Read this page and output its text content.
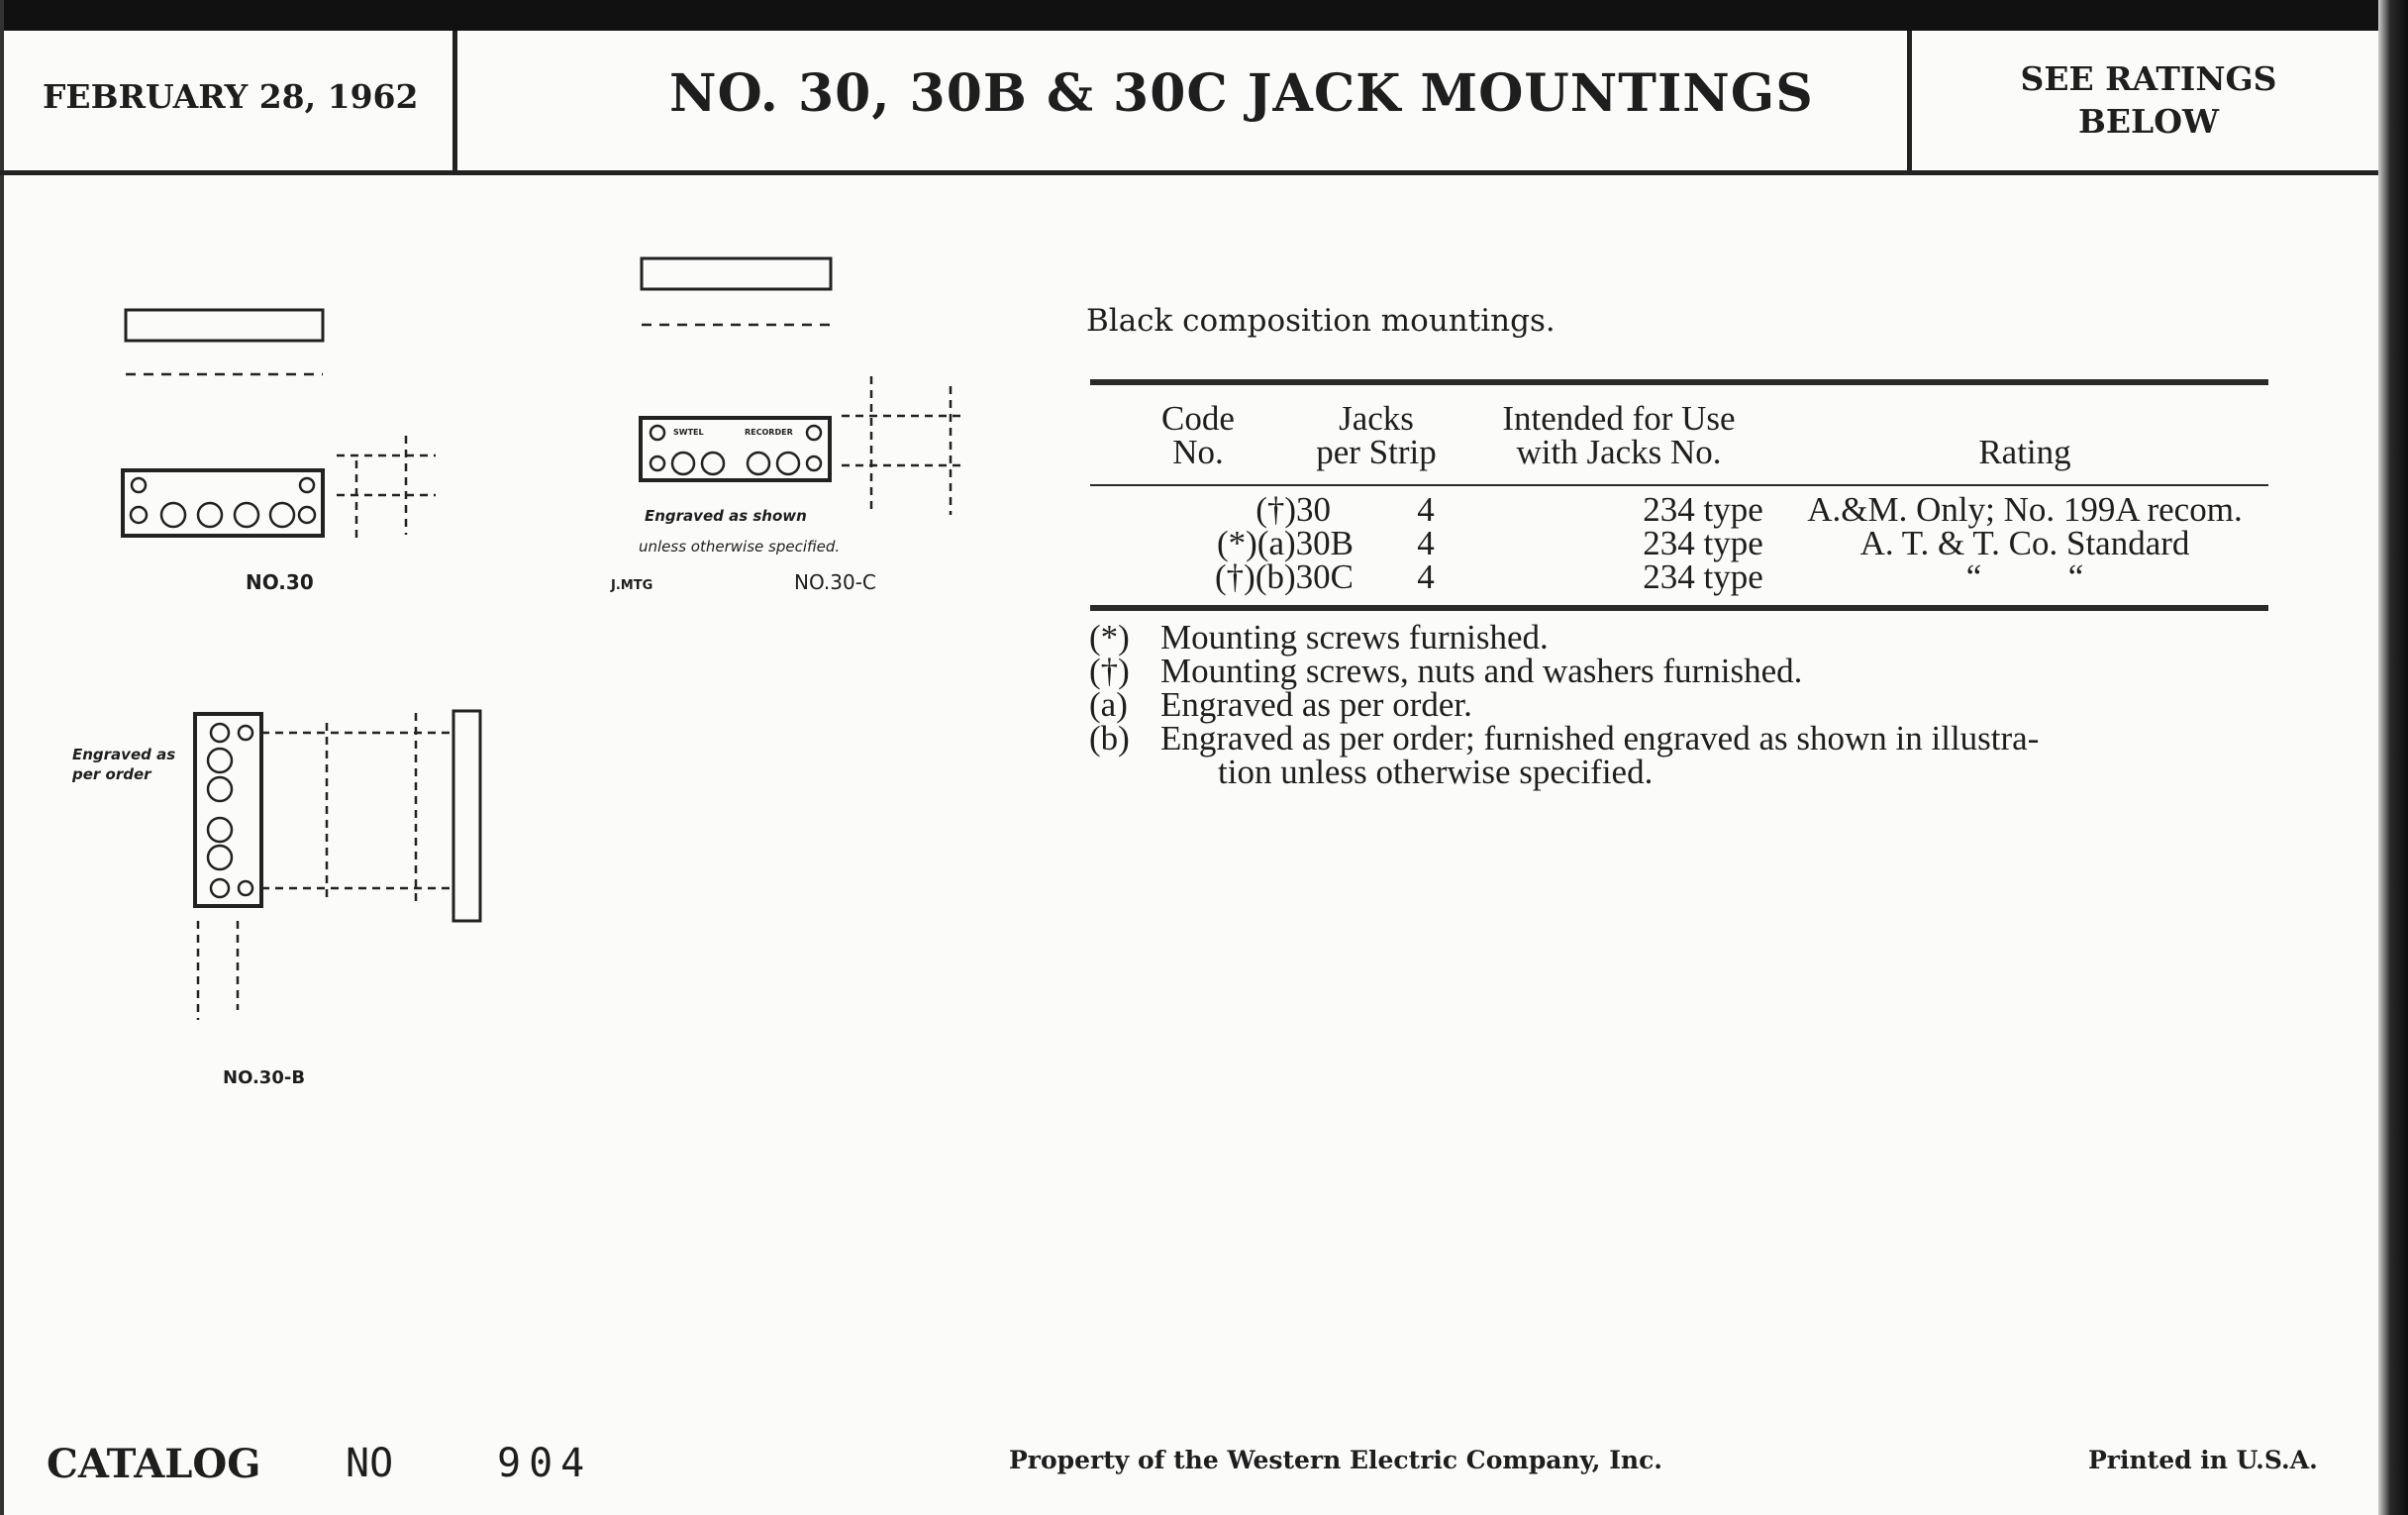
FEBRUARY 28, 1962	NO. 30, 30B & 30C JACK MOUNTINGS	SEE RATINGS
BELOW
NO.30	NO.30-C
J.MTG
Engraved as shown
unless otherwise specified.
SWTEL	RECORDER
NO.30-B
Engraved as
per order
Black composition mountings.
Code
No.
Jacks
per Strip
Intended for Use
with Jacks No.	Rating
(†)30	4	234 type	A.&M. Only; No. 199A recom.
(*)(a)30B	4	234 type	A. T. & T. Co. Standard
(†)(b)30C	4	234 type	“          “
(*) Mounting screws furnished.
(†) Mounting screws, nuts and washers furnished.
(a) Engraved as per order.
(b) Engraved as per order; furnished engraved as shown in illustra-
tion unless otherwise specified.
CATALOG NO	904	Property of the Western Electric Company, Inc.	Printed in U.S.A.
